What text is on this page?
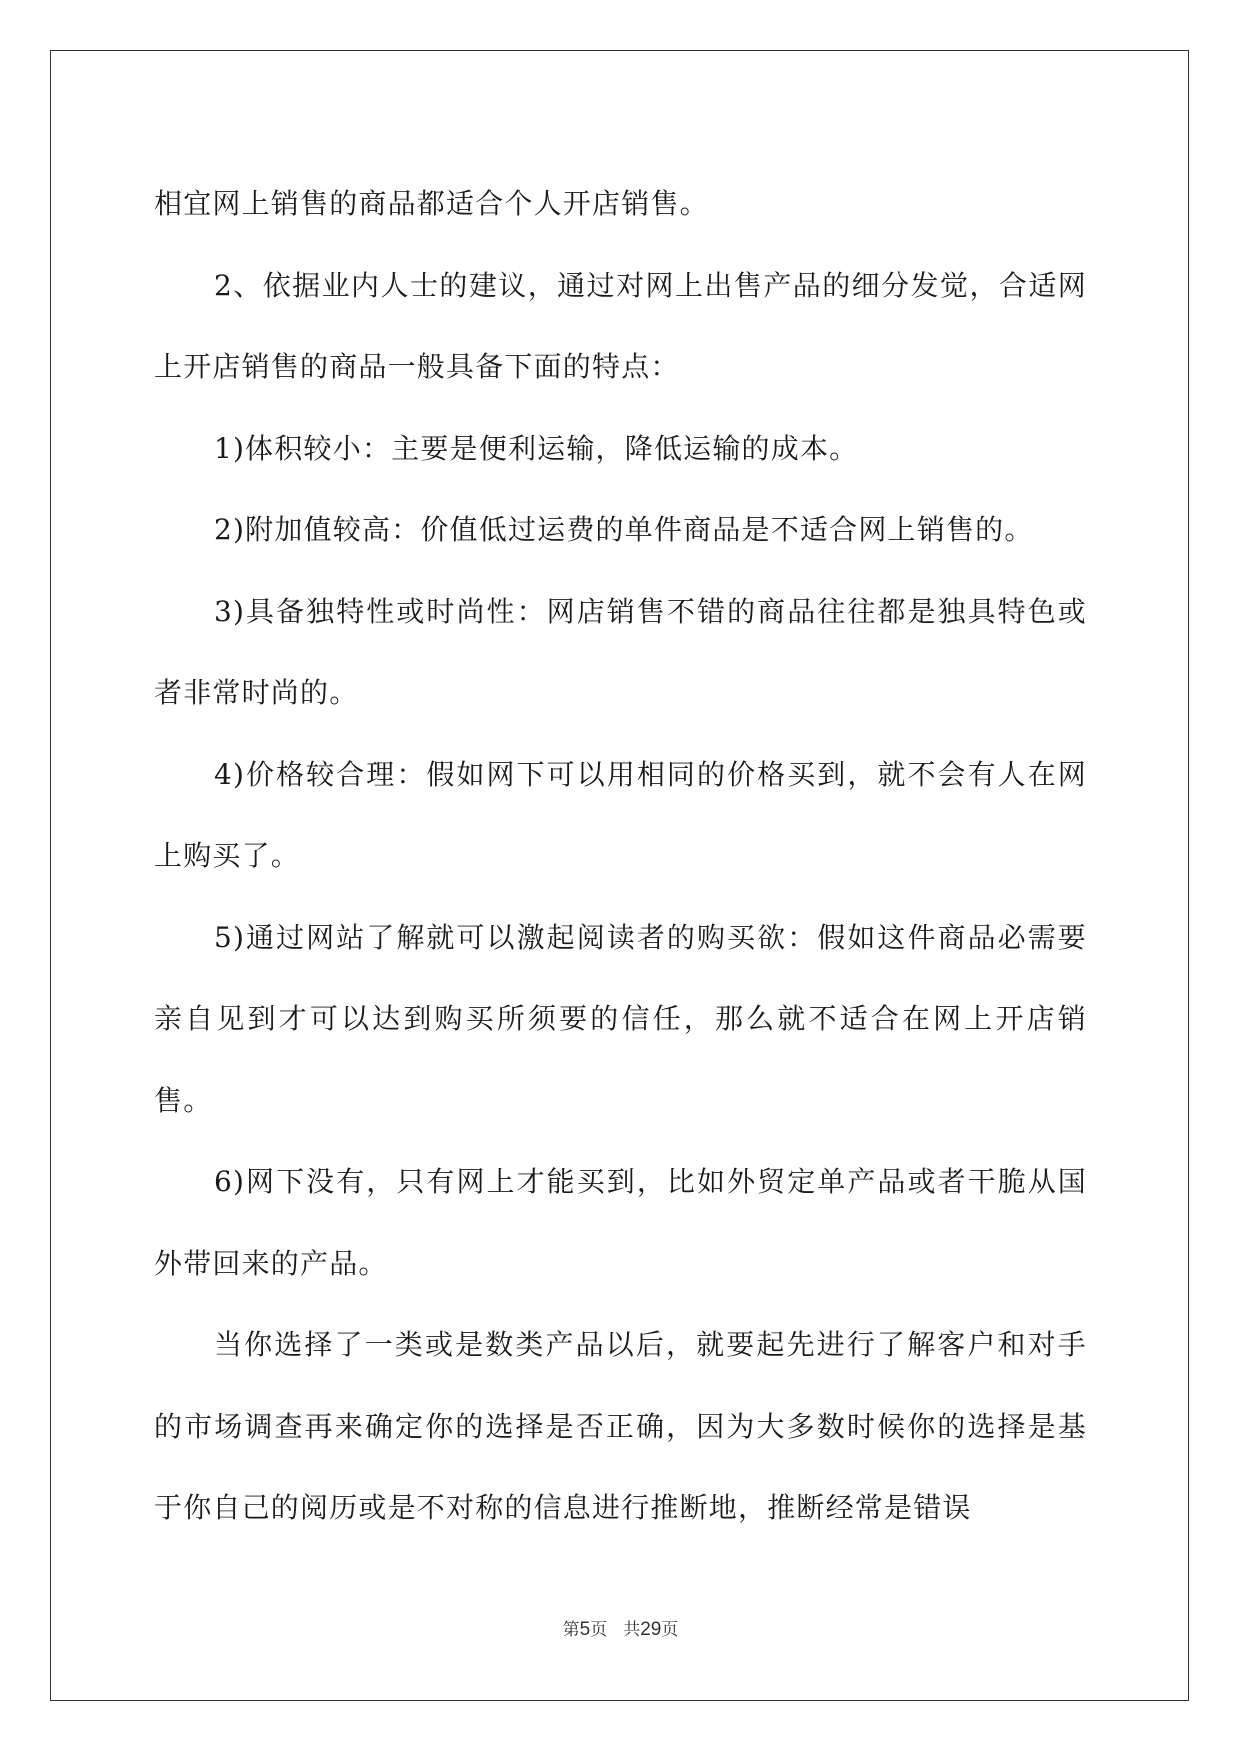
相宜网上销售的商品都适合个人开店销售。

2、依据业内人士的建议，通过对网上出售产品的细分发觉，合适网上开店销售的商品一般具备下面的特点：

1)体积较小：主要是便利运输，降低运输的成本。

2)附加值较高：价值低过运费的单件商品是不适合网上销售的。

3)具备独特性或时尚性：网店销售不错的商品往往都是独具特色或者非常时尚的。

4)价格较合理：假如网下可以用相同的价格买到，就不会有人在网上购买了。

5)通过网站了解就可以激起阅读者的购买欲：假如这件商品必需要亲自见到才可以达到购买所须要的信任，那么就不适合在网上开店销售。

6)网下没有，只有网上才能买到，比如外贸定单产品或者干脆从国外带回来的产品。

当你选择了一类或是数类产品以后，就要起先进行了解客户和对手的市场调查再来确定你的选择是否正确，因为大多数时候你的选择是基于你自己的阅历或是不对称的信息进行推断地，推断经常是错误

第5页 共29页
